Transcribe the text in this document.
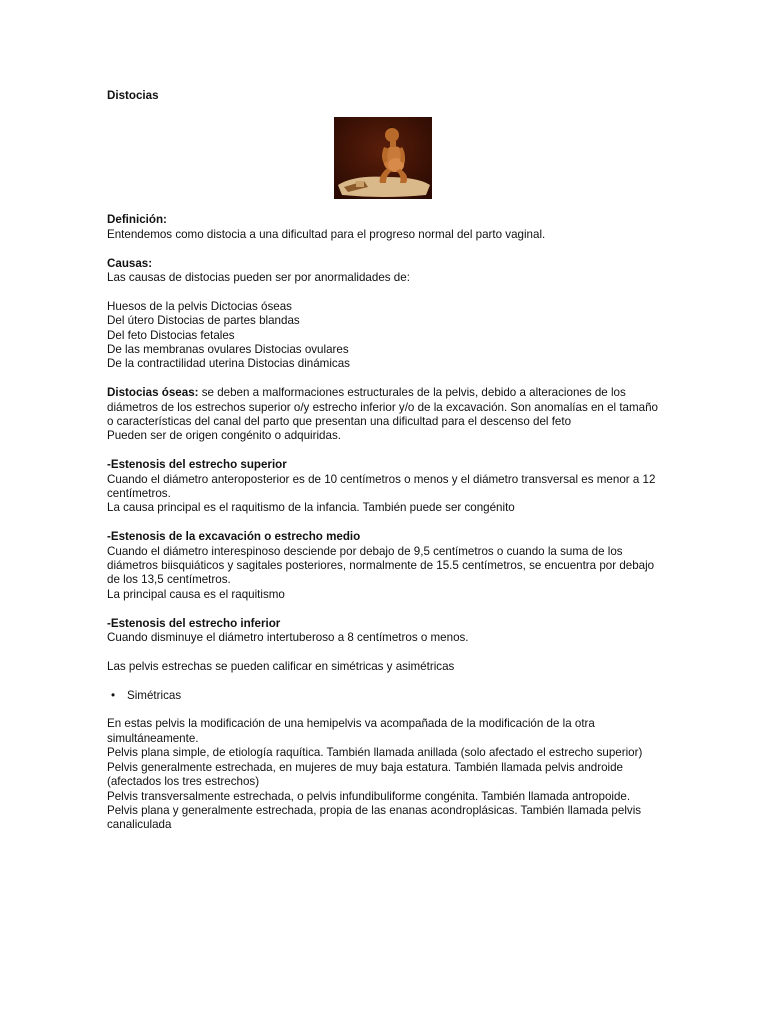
Distocias

Definición:
Entendemos como distocia a una dificultad para el progreso normal del parto vaginal.

Causas:
Las causas de distocias pueden ser por anormalidades de:

Huesos de la pelvis Dictocias óseas
Del útero Distocias de partes blandas
Del feto Distocias fetales
De las membranas ovulares Distocias ovulares
De la contractilidad uterina Distocias dinámicas

Distocias óseas: se deben a malformaciones estructurales de la pelvis, debido a alteraciones de los diámetros de los estrechos superior o/y estrecho inferior y/o de la excavación. Son anomalías en el tamaño o características del canal del parto que presentan una dificultad para el descenso del feto
Pueden ser de origen congénito o adquiridas.

-Estenosis del estrecho superior
Cuando el diámetro anteroposterior es de 10 centímetros o menos y el diámetro transversal es menor a 12 centímetros.
La causa principal es el raquitismo de la infancia. También puede ser congénito

-Estenosis de la excavación o estrecho medio
Cuando el diámetro interespinoso desciende por debajo de 9,5 centímetros o cuando la suma de los diámetros biisquiáticos y sagitales posteriores, normalmente de 15.5 centímetros, se encuentra por debajo de los 13,5 centímetros.
La principal causa es el raquitismo

-Estenosis del estrecho inferior
Cuando disminuye el diámetro intertuberoso a 8 centímetros o menos.

Las pelvis estrechas se pueden calificar en simétricas y asimétricas

• Simétricas

En estas pelvis la modificación de una hemipelvis va acompañada de la modificación de la otra simultáneamente.
Pelvis plana simple, de etiología raquítica. También llamada anillada (solo afectado el estrecho superior)
Pelvis generalmente estrechada, en mujeres de muy baja estatura. También llamada pelvis androide (afectados los tres estrechos)
Pelvis transversalmente estrechada, o pelvis infundibuliforme congénita. También llamada antropoide.
Pelvis plana y generalmente estrechada, propia de las enanas acondroplásicas. También llamada pelvis canaliculada
